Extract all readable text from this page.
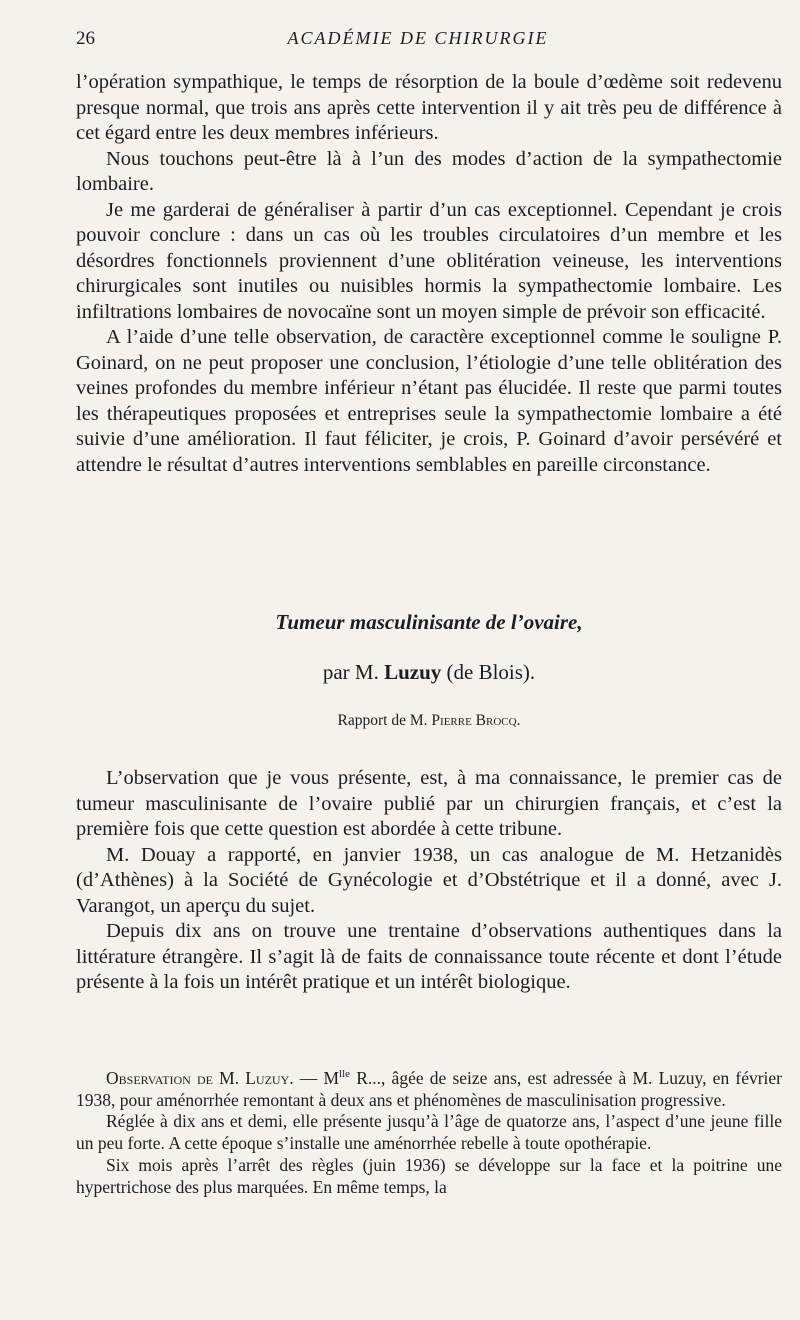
26	ACADÉMIE DE CHIRURGIE

l’opération sympathique, le temps de résorption de la boule d’œdème soit redevenu presque normal, que trois ans après cette intervention il y ait très peu de différence à cet égard entre les deux membres inférieurs.

Nous touchons peut-être là à l’un des modes d’action de la sympathectomie lombaire.

Je me garderai de généraliser à partir d’un cas exceptionnel. Cependant je crois pouvoir conclure : dans un cas où les troubles circulatoires d’un membre et les désordres fonctionnels proviennent d’une oblitération veineuse, les interventions chirurgicales sont inutiles ou nuisibles hormis la sympathectomie lombaire. Les infiltrations lombaires de novocaïne sont un moyen simple de prévoir son efficacité.

A l’aide d’une telle observation, de caractère exceptionnel comme le souligne P. Goinard, on ne peut proposer une conclusion, l’étiologie d’une telle oblitération des veines profondes du membre inférieur n’étant pas élucidée. Il reste que parmi toutes les thérapeutiques proposées et entreprises seule la sympathectomie lombaire a été suivie d’une amélioration. Il faut féliciter, je crois, P. Goinard d’avoir persévéré et attendre le résultat d’autres interventions semblables en pareille circonstance.

Tumeur masculinisante de l’ovaire,
par M. Luzuy (de Blois).
Rapport de M. Pierre Brocq.

L’observation que je vous présente, est, à ma connaissance, le premier cas de tumeur masculinisante de l’ovaire publié par un chirurgien français, et c’est la première fois que cette question est abordée à cette tribune.

M. Douay a rapporté, en janvier 1938, un cas analogue de M. Hetzanidès (d’Athènes) à la Société de Gynécologie et d’Obstétrique et il a donné, avec J. Varangot, un aperçu du sujet.

Depuis dix ans on trouve une trentaine d’observations authentiques dans la littérature étrangère. Il s’agit là de faits de connaissance toute récente et dont l’étude présente à la fois un intérêt pratique et un intérêt biologique.

Observation de M. Luzuy. — $M^{lle}$ R..., âgée de seize ans, est adressée à M. Luzuy, en février 1938, pour aménorrhée remontant à deux ans et phénomènes de masculinisation progressive.

Réglée à dix ans et demi, elle présente jusqu’à l’âge de quatorze ans, l’aspect d’une jeune fille un peu forte. A cette époque s’installe une aménorrhée rebelle à toute opothérapie.

Six mois après l’arrêt des règles (juin 1936) se développe sur la face et la poitrine une hypertrichose des plus marquées. En même temps, la
